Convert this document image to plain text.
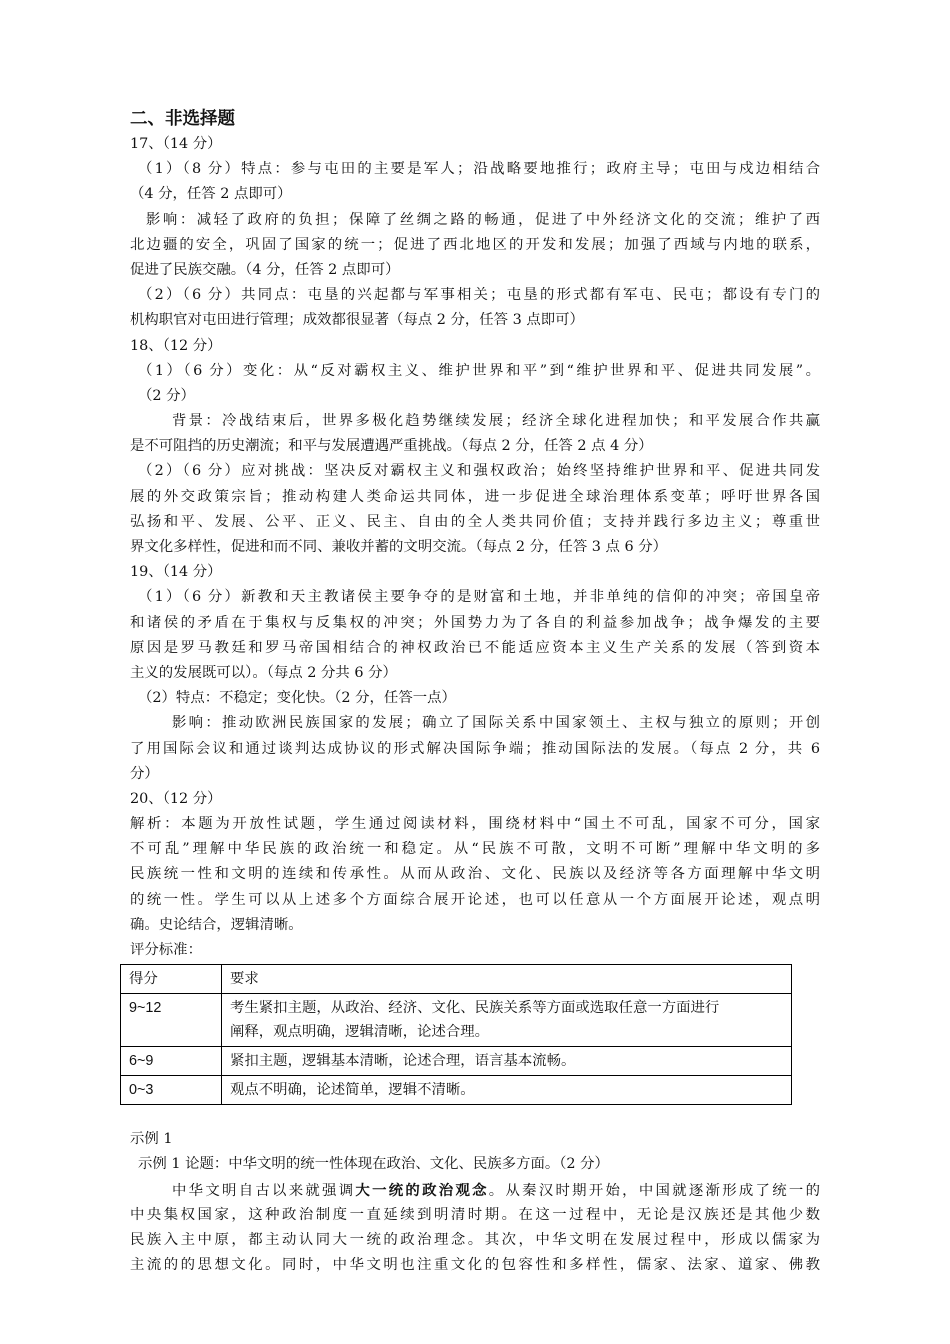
二、非选择题
17、（14 分）
（1）（8 分）特点：参与屯田的主要是军人；沿战略要地推行；政府主导；屯田与戍边相结合
（4 分，任答 2 点即可）
影响：减轻了政府的负担；保障了丝绸之路的畅通，促进了中外经济文化的交流；维护了西
北边疆的安全，巩固了国家的统一；促进了西北地区的开发和发展；加强了西域与内地的联系，
促进了民族交融。（4 分，任答 2 点即可）
（2）（6 分）共同点：屯垦的兴起都与军事相关；屯垦的形式都有军屯、民屯；都设有专门的
机构职官对屯田进行管理；成效都很显著（每点 2 分，任答 3 点即可）
18、（12 分）
（1）（6 分）变化：从“反对霸权主义、维护世界和平”到“维护世界和平、促进共同发展”。
（2 分）
背景：冷战结束后，世界多极化趋势继续发展；经济全球化进程加快；和平发展合作共赢
是不可阻挡的历史潮流；和平与发展遭遇严重挑战。（每点 2 分，任答 2 点 4 分）
（2）（6 分）应对挑战：坚决反对霸权主义和强权政治；始终坚持维护世界和平、促进共同发
展的外交政策宗旨；推动构建人类命运共同体，进一步促进全球治理体系变革；呼吁世界各国
弘扬和平、发展、公平、正义、民主、自由的全人类共同价值；支持并践行多边主义；尊重世
界文化多样性，促进和而不同、兼收并蓄的文明交流。（每点 2 分，任答 3 点 6 分）
19、（14 分）
（1）（6 分）新教和天主教诸侯主要争夺的是财富和土地，并非单纯的信仰的冲突；帝国皇帝
和诸侯的矛盾在于集权与反集权的冲突；外国势力为了各自的利益参加战争；战争爆发的主要
原因是罗马教廷和罗马帝国相结合的神权政治已不能适应资本主义生产关系的发展（答到资本
主义的发展既可以）。（每点 2 分共 6 分）
（2）特点：不稳定；变化快。（2 分，任答一点）
影响：推动欧洲民族国家的发展；确立了国际关系中国家领土、主权与独立的原则；开创
了用国际会议和通过谈判达成协议的形式解决国际争端；推动国际法的发展。（每点 2 分，共 6
分）
20、（12 分）
解析：本题为开放性试题，学生通过阅读材料，围绕材料中“国土不可乱，国家不可分，国家
不可乱”理解中华民族的政治统一和稳定。从“民族不可散，文明不可断”理解中华文明的多
民族统一性和文明的连续和传承性。从而从政治、文化、民族以及经济等各方面理解中华文明
的统一性。学生可以从上述多个方面综合展开论述，也可以任意从一个方面展开论述，观点明
确。史论结合，逻辑清晰。
评分标准：
得分	要求
9~12	考生紧扣主题，从政治、经济、文化、民族关系等方面或选取任意一方面进行
阐释，观点明确，逻辑清晰，论述合理。

6~9	紧扣主题，逻辑基本清晰，论述合理，语言基本流畅。
0~3	观点不明确，论述简单，逻辑不清晰。
示例 1
示例 1 论题：中华文明的统一性体现在政治、文化、民族多方面。（2 分）
中华文明自古以来就强调大一统的政治观念。从秦汉时期开始，中国就逐渐形成了统一的
中央集权国家，这种政治制度一直延续到明清时期。在这一过程中，无论是汉族还是其他少数
民族入主中原，都主动认同大一统的政治理念。其次，中华文明在发展过程中，形成以儒家为
主流的的思想文化。同时，中华文明也注重文化的包容性和多样性，儒家、法家、道家、佛教
